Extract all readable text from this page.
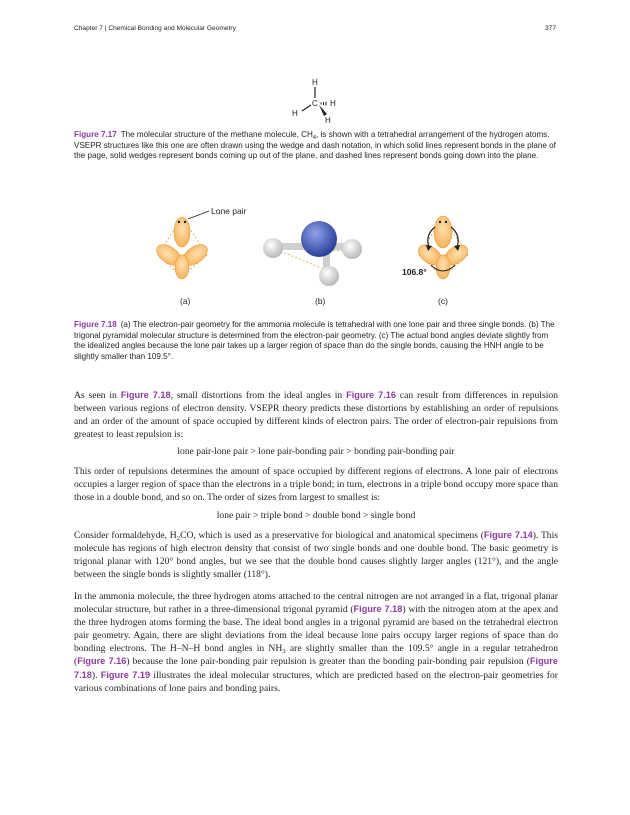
Chapter 7 | Chemical Bonding and Molecular Geometry	377
H
C
H
H
H
Figure 7.17 The molecular structure of the methane molecule, $CH_4$, is shown with a tetrahedral arrangement of the hydrogen atoms. VSEPR structures like this one are often drawn using the wedge and dash notation, in which solid lines represent bonds in the plane of the page, solid wedges represent bonds coming up out of the plane, and dashed lines represent bonds going down into the plane.
Lone pair
106.8°
(a)	(b)	(c)
Figure 7.18 (a) The electron-pair geometry for the ammonia molecule is tetrahedral with one lone pair and three single bonds. (b) The trigonal pyramidal molecular structure is determined from the electron-pair geometry. (c) The actual bond angles deviate slightly from the idealized angles because the lone pair takes up a larger region of space than do the single bonds, causing the HNH angle to be slightly smaller than 109.5°.

As seen in Figure 7.18, small distortions from the ideal angles in Figure 7.16 can result from differences in repulsion between various regions of electron density. VSEPR theory predicts these distortions by establishing an order of repulsions and an order of the amount of space occupied by different kinds of electron pairs. The order of electron-pair repulsions from greatest to least repulsion is:

lone pair-lone pair > lone pair-bonding pair > bonding pair-bonding pair

This order of repulsions determines the amount of space occupied by different regions of electrons. A lone pair of electrons occupies a larger region of space than the electrons in a triple bond; in turn, electrons in a triple bond occupy more space than those in a double bond, and so on. The order of sizes from largest to smallest is:

lone pair > triple bond > double bond > single bond

Consider formaldehyde, $H_2CO$, which is used as a preservative for biological and anatomical specimens (Figure 7.14). This molecule has regions of high electron density that consist of two single bonds and one double bond. The basic geometry is trigonal planar with 120° bond angles, but we see that the double bond causes slightly larger angles (121°), and the angle between the single bonds is slightly smaller (118°).

In the ammonia molecule, the three hydrogen atoms attached to the central nitrogen are not arranged in a flat, trigonal planar molecular structure, but rather in a three-dimensional trigonal pyramid (Figure 7.18) with the nitrogen atom at the apex and the three hydrogen atoms forming the base. The ideal bond angles in a trigonal pyramid are based on the tetrahedral electron pair geometry. Again, there are slight deviations from the ideal because lone pairs occupy larger regions of space than do bonding electrons. The H–N–H bond angles in $NH_3$ are slightly smaller than the 109.5° angle in a regular tetrahedron (Figure 7.16) because the lone pair-bonding pair repulsion is greater than the bonding pair-bonding pair repulsion (Figure 7.18). Figure 7.19 illustrates the ideal molecular structures, which are predicted based on the electron-pair geometries for various combinations of lone pairs and bonding pairs.
